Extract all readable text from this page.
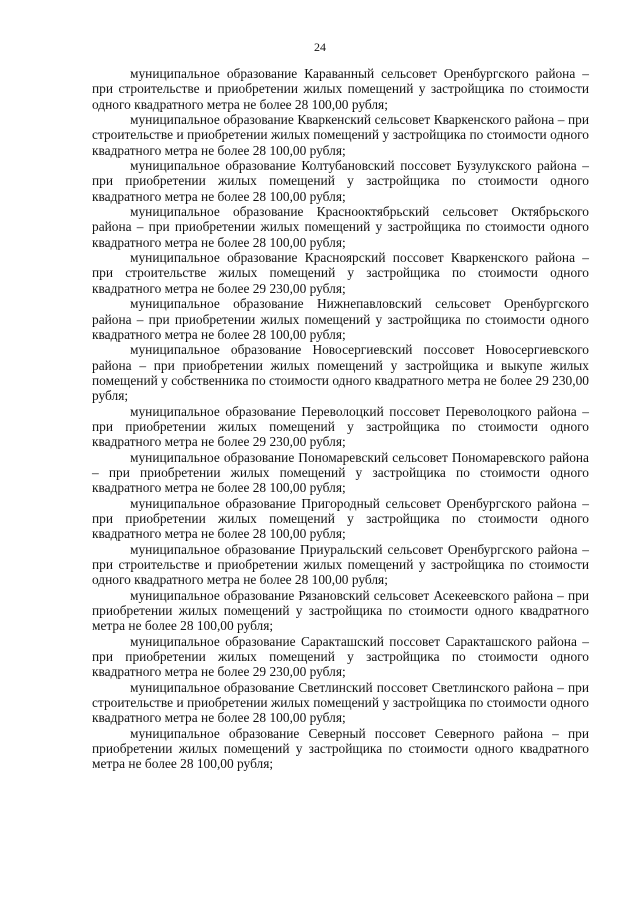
24

муниципальное образование Караванный сельсовет Оренбургского района – при строительстве и приобретении жилых помещений у застройщика по стоимости одного квадратного метра не более 28 100,00 рубля;

муниципальное образование Кваркенский сельсовет Кваркенского района – при строительстве и приобретении жилых помещений у застройщика по стоимости одного квадратного метра не более 28 100,00 рубля;

муниципальное образование Колтубановский поссовет Бузулукского района – при приобретении жилых помещений у застройщика по стоимости одного квадратного метра не более 28 100,00 рубля;

муниципальное образование Краснооктябрьский сельсовет Октябрьского района – при приобретении жилых помещений у застройщика по стоимости одного квадратного метра не более 28 100,00 рубля;

муниципальное образование Красноярский поссовет Кваркенского района – при строительстве жилых помещений у застройщика по стоимости одного квадратного метра не более 29 230,00 рубля;

муниципальное образование Нижнепавловский сельсовет Оренбургского района – при приобретении жилых помещений у застройщика по стоимости одного квадратного метра не более 28 100,00 рубля;

муниципальное образование Новосергиевский поссовет Новосергиевского района – при приобретении жилых помещений у застройщика и выкупе жилых помещений у собственника по стоимости одного квадратного метра не более 29 230,00 рубля;

муниципальное образование Переволоцкий поссовет Переволоцкого района – при приобретении жилых помещений у застройщика по стоимости одного квадратного метра не более 29 230,00 рубля;

муниципальное образование Пономаревский сельсовет Пономаревского района – при приобретении жилых помещений у застройщика по стоимости одного квадратного метра не более 28 100,00 рубля;

муниципальное образование Пригородный сельсовет Оренбургского района – при приобретении жилых помещений у застройщика по стоимости одного квадратного метра не более 28 100,00 рубля;

муниципальное образование Приуральский сельсовет Оренбургского района – при строительстве и приобретении жилых помещений у застройщика по стоимости одного квадратного метра не более 28 100,00 рубля;

муниципальное образование Рязановский сельсовет Асекеевского района – при приобретении жилых помещений у застройщика по стоимости одного квадратного метра не более 28 100,00 рубля;

муниципальное образование Саракташский поссовет Саракташского района – при приобретении жилых помещений у застройщика по стоимости одного квадратного метра не более 29 230,00 рубля;

муниципальное образование Светлинский поссовет Светлинского района – при строительстве и приобретении жилых помещений у застройщика по стоимости одного квадратного метра не более 28 100,00 рубля;

муниципальное образование Северный поссовет Северного района – при приобретении жилых помещений у застройщика по стоимости одного квадратного метра не более 28 100,00 рубля;
